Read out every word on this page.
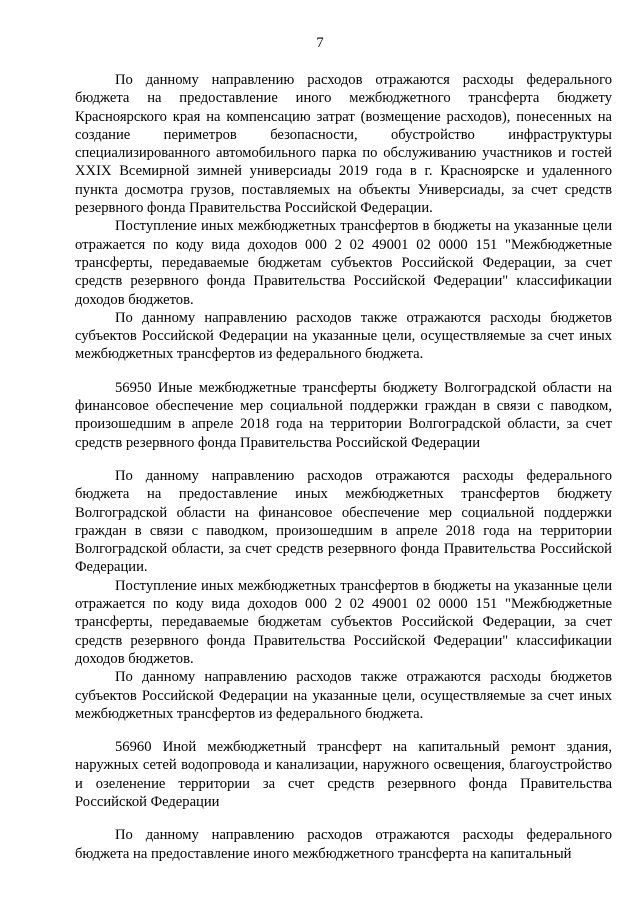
7

По данному направлению расходов отражаются расходы федерального бюджета на предоставление иного межбюджетного трансферта бюджету Красноярского края на компенсацию затрат (возмещение расходов), понесенных на создание периметров безопасности, обустройство инфраструктуры специализированного автомобильного парка по обслуживанию участников и гостей XXIX Всемирной зимней универсиады 2019 года в г. Красноярске и удаленного пункта досмотра грузов, поставляемых на объекты Универсиады, за счет средств резервного фонда Правительства Российской Федерации.

Поступление иных межбюджетных трансфертов в бюджеты на указанные цели отражается по коду вида доходов 000 2 02 49001 02 0000 151 "Межбюджетные трансферты, передаваемые бюджетам субъектов Российской Федерации, за счет средств резервного фонда Правительства Российской Федерации" классификации доходов бюджетов.

По данному направлению расходов также отражаются расходы бюджетов субъектов Российской Федерации на указанные цели, осуществляемые за счет иных межбюджетных трансфертов из федерального бюджета.

56950 Иные межбюджетные трансферты бюджету Волгоградской области на финансовое обеспечение мер социальной поддержки граждан в связи с паводком, произошедшим в апреле 2018 года на территории Волгоградской области, за счет средств резервного фонда Правительства Российской Федерации

По данному направлению расходов отражаются расходы федерального бюджета на предоставление иных межбюджетных трансфертов бюджету Волгоградской области на финансовое обеспечение мер социальной поддержки граждан в связи с паводком, произошедшим в апреле 2018 года на территории Волгоградской области, за счет средств резервного фонда Правительства Российской Федерации.

Поступление иных межбюджетных трансфертов в бюджеты на указанные цели отражается по коду вида доходов 000 2 02 49001 02 0000 151 "Межбюджетные трансферты, передаваемые бюджетам субъектов Российской Федерации, за счет средств резервного фонда Правительства Российской Федерации" классификации доходов бюджетов.

По данному направлению расходов также отражаются расходы бюджетов субъектов Российской Федерации на указанные цели, осуществляемые за счет иных межбюджетных трансфертов из федерального бюджета.

56960 Иной межбюджетный трансферт на капитальный ремонт здания, наружных сетей водопровода и канализации, наружного освещения, благоустройство и озеленение территории за счет средств резервного фонда Правительства Российской Федерации

По данному направлению расходов отражаются расходы федерального бюджета на предоставление иного межбюджетного трансферта на капитальный
